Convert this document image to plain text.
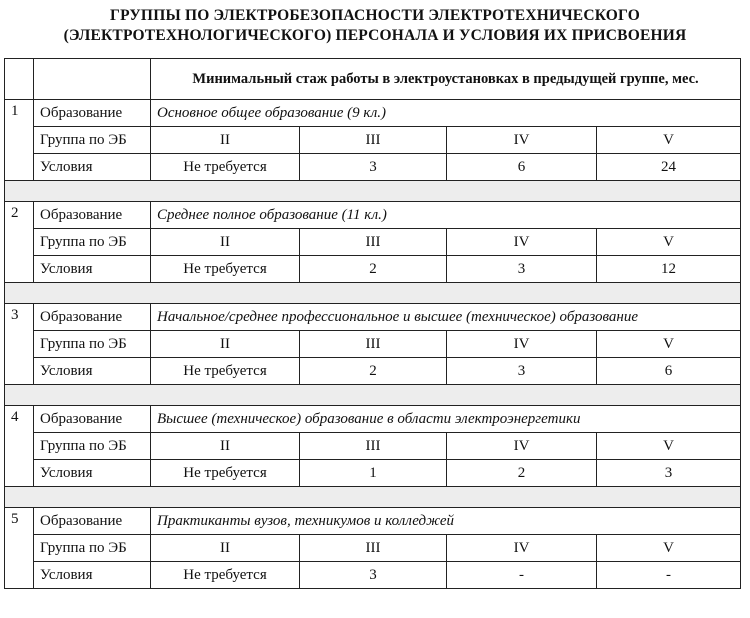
ГРУППЫ ПО ЭЛЕКТРОБЕЗОПАСНОСТИ ЭЛЕКТРОТЕХНИЧЕСКОГО
(ЭЛЕКТРОТЕХНОЛОГИЧЕСКОГО) ПЕРСОНАЛА И УСЛОВИЯ ИХ ПРИСВОЕНИЯ
		Минимальный стаж работы в электроустановках в предыдущей группе, мес.			
1	Образование	Основное общее образование (9 кл.)			
	Группа по ЭБ	II	III	IV	V
	Условия	Не требуется	3	6	24

2	Образование	Среднее полное образование (11 кл.)			
	Группа по ЭБ	II	III	IV	V
	Условия	Не требуется	2	3	12

3	Образование	Начальное/среднее профессиональное и высшее (техническое) образование			
	Группа по ЭБ	II	III	IV	V
	Условия	Не требуется	2	3	6

4	Образование	Высшее (техническое) образование в области электроэнергетики			
	Группа по ЭБ	II	III	IV	V
	Условия	Не требуется	1	2	3

5	Образование	Практиканты вузов, техникумов и колледжей			
	Группа по ЭБ	II	III	IV	V
	Условия	Не требуется	3	-	-
